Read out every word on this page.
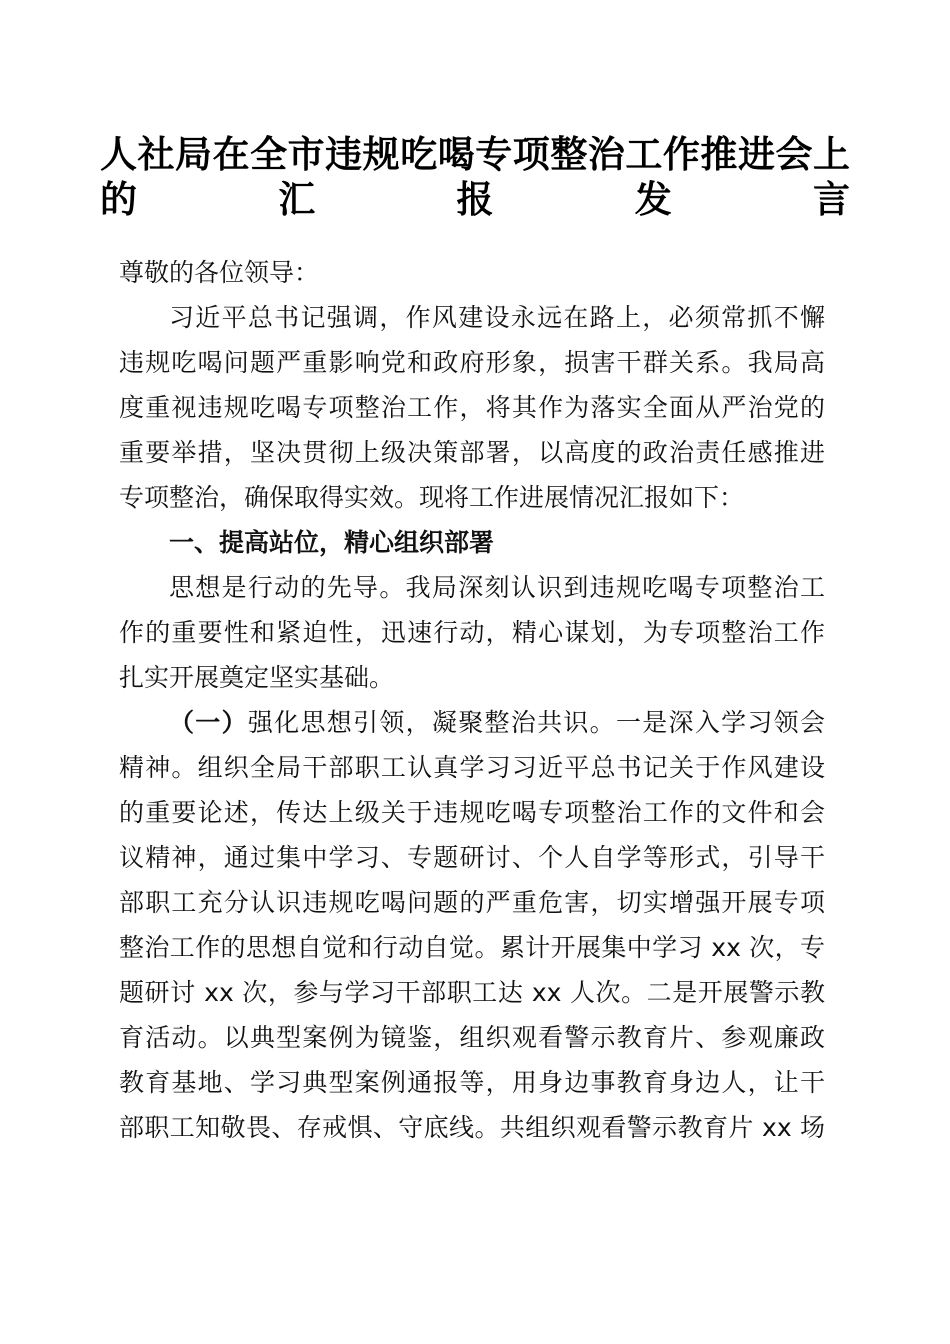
人社局在全市违规吃喝专项整治工作推进会上
的汇报发言
尊敬的各位领导：
习近平总书记强调，作风建设永远在路上，必须常抓不懈
违规吃喝问题严重影响党和政府形象，损害干群关系。我局高
度重视违规吃喝专项整治工作，将其作为落实全面从严治党的
重要举措，坚决贯彻上级决策部署，以高度的政治责任感推进
专项整治，确保取得实效。现将工作进展情况汇报如下：
一、提高站位，精心组织部署
思想是行动的先导。我局深刻认识到违规吃喝专项整治工
作的重要性和紧迫性，迅速行动，精心谋划，为专项整治工作
扎实开展奠定坚实基础。
（一）强化思想引领，凝聚整治共识。一是深入学习领会
精神。组织全局干部职工认真学习习近平总书记关于作风建设
的重要论述，传达上级关于违规吃喝专项整治工作的文件和会
议精神，通过集中学习、专题研讨、个人自学等形式，引导干
部职工充分认识违规吃喝问题的严重危害，切实增强开展专项
整治工作的思想自觉和行动自觉。累计开展集中学习 xx 次，专
题研讨 xx 次，参与学习干部职工达 xx 人次。二是开展警示教
育活动。以典型案例为镜鉴，组织观看警示教育片、参观廉政
教育基地、学习典型案例通报等，用身边事教育身边人，让干
部职工知敬畏、存戒惧、守底线。共组织观看警示教育片 xx 场
